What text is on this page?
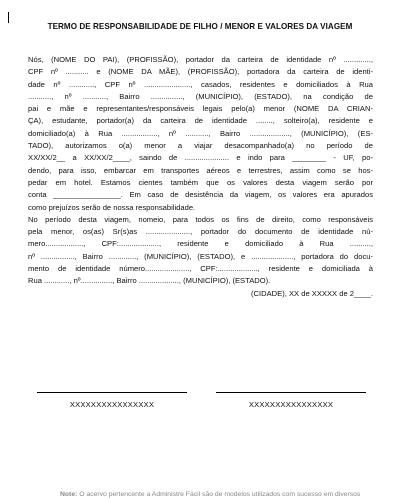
TERMO DE RESPONSABILIDADE DE FILHO / MENOR E VALORES DA VIAGEM
Nós, (NOME DO PAI), (PROFISSÃO), portador da carteira de identidade nº .............,
CPF nº ........... e (NOME DA MÃE), (PROFISSÃO), portadora da carteira de identi-
dade nº ............, CPF nº ......................, casados, residentes e domiciliados à Rua
..........., nº ..........., Bairro ..............., (MUNICÍPIO), (ESTADO), na condição de
pai e mãe e representantes/responsáveis legais pelo(a) menor (NOME DA CRIAN-
ÇA), estudante, portador(a) da carteira de identidade ........, solteiro(a), residente e
domiciliado(a) à Rua ................., nº ..........., Bairro ..................., (MUNICÍPIO), (ES-
TADO), autorizamos o(a) menor a viajar desacompanhado(a) no período de
XX/XX/2__ a XX/XX/2____, saindo de ..................... e indo para ________ - UF, po-
dendo, para isso, embarcar em transportes aéreos e terrestres, assim como se hos-
pedar em hotel. Estamos cientes também que os valores desta viagem serão por
conta ________________. Em caso de desistência da viagem, os valores era apurados
como prejuízos serão de nossa responsabilidade.
No período desta viagem, nomeio, para todos os fins de direito, como responsáveis
pela menor, os(as) Sr(s)as ....................., portador do documento de identidade nú-
mero.................., CPF:..................., residente e domiciliado à Rua ..........,
nº ................, Bairro ............., (MUNICÍPIO), (ESTADO), e ...................., portadora do docu-
mento de identidade número....................., CPF:..................., residente e domiciliada à
Rua ............, nº..............., Bairro ..................., (MUNICÍPIO), (ESTADO).
(CIDADE), XX de XXXXX de 2____.
XXXXXXXXXXXXXXXX	XXXXXXXXXXXXXXXX
Note: O acervo pertencente a Administre Fácil são de modelos utilizados com sucesso em diversos
